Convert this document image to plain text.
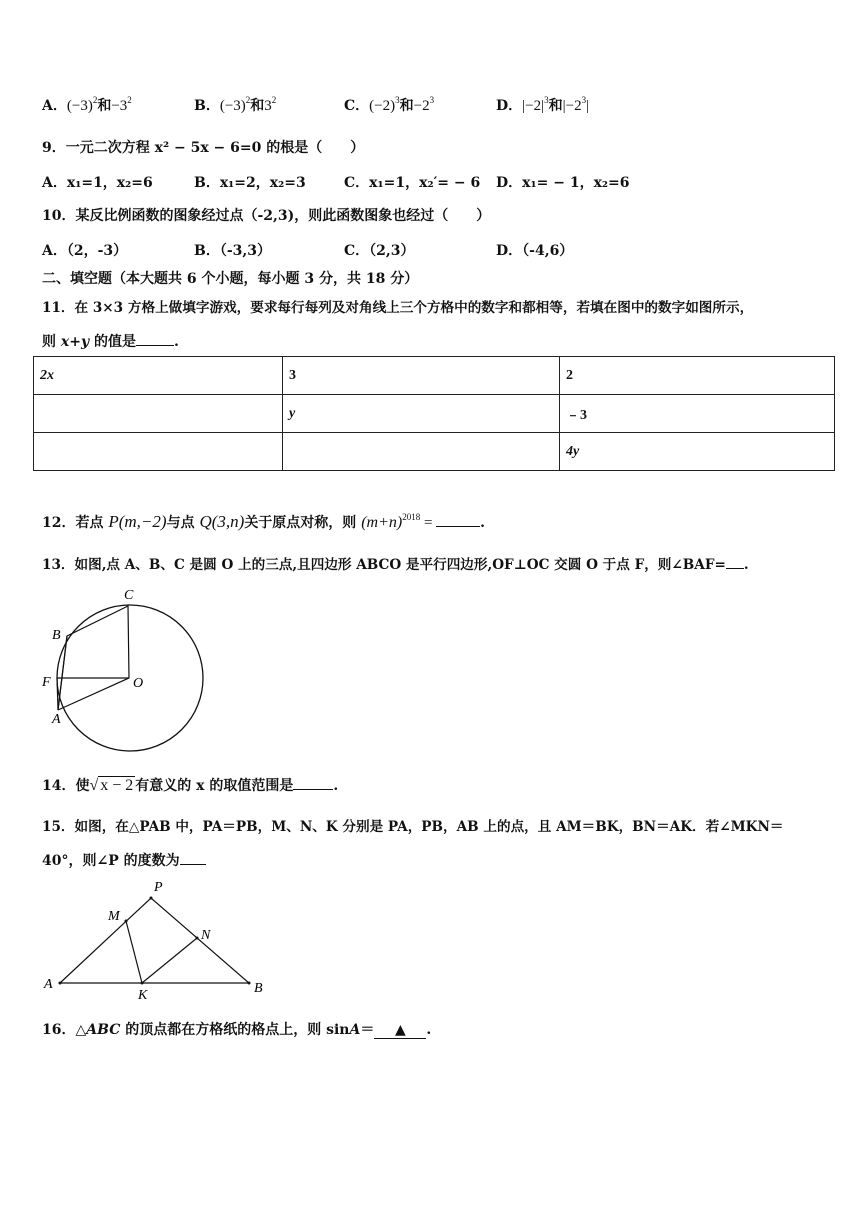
A．$(-3)^2$和$-3^2$	B．$(-3)^2$和$3^2$	C．$(-2)^3$和$-2^3$	D．$|-2|^3$和$|-2^3|$
9．一元二次方程 x² − 5x − 6=0 的根是（　　）
A．x₁=1，x₂=6	B．x₁=2，x₂=3	C．x₁=1，x₂′= − 6 D．x₁= − 1，x₂=6
10．某反比例函数的图象经过点（-2,3)，则此函数图象也经过（　　）
A．（2，-3）	B．（-3,3）	C．（2,3）	D．（-4,6）
二、填空题（本大题共 6 个小题，每小题 3 分，共 18 分）
11．在 3×3 方格上做填字游戏，要求每行每列及对角线上三个方格中的数字和都相等，若填在图中的数字如图所示，
则 x+y 的值是	.
2x	3	2
	y	﹣3
		4y
12．若点 P(m,−2)与点 Q(3,n)关于原点对称，则 $(m+n)^{2018}$ =	.
13．如图,点 A、B、C 是圆 O 上的三点,且四边形 ABCO 是平行四边形,OF⊥OC 交圆 O 于点 F，则∠BAF= .
C
B
F	O
A
14．使√ x − 2 有意义的 x 的取值范围是	.
15．如图，在△PAB 中，PA＝PB，M、N、K 分别是 PA，PB，AB 上的点，且 AM＝BK，BN＝AK．若∠MKN＝
40°，则∠P 的度数为
P
M
N
A
K	B
16．△ABC 的顶点都在方格纸的格点上，则 sinA＝ ▲ .
